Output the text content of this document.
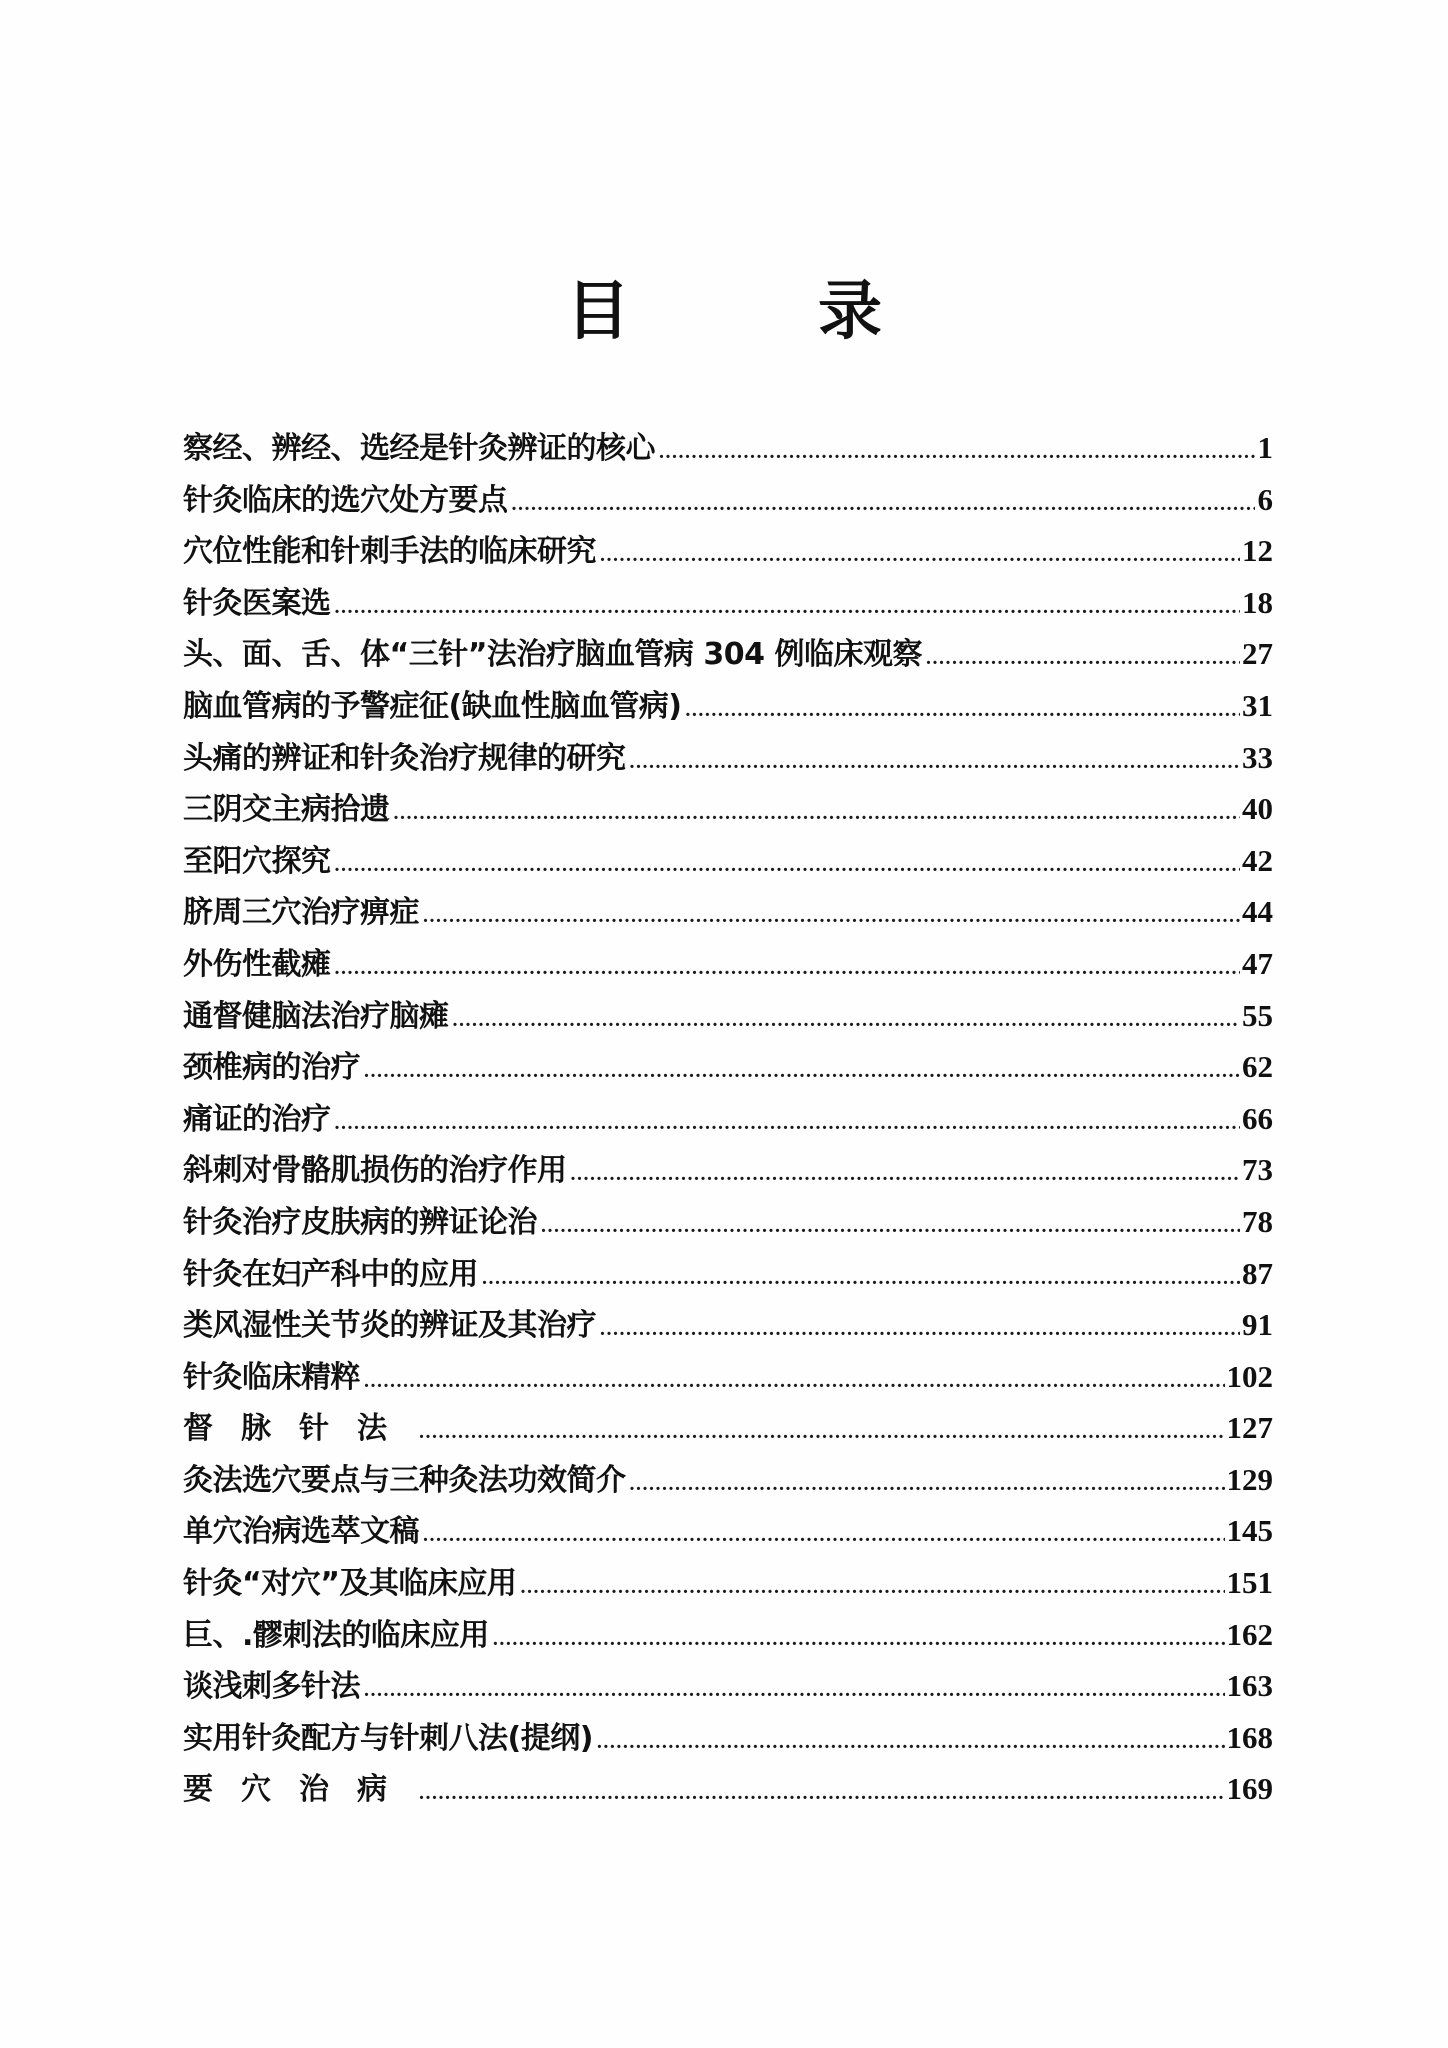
目	录
察经、辨经、选经是针灸辨证的核心 .....	1
针灸临床的选穴处方要点 .....	6
穴位性能和针刺手法的临床研究 .....	12
针灸医案选 .....	18
头、面、舌、体“三针”法治疗脑血管病 304 例临床观察 .....	27
脑血管病的予警症征(缺血性脑血管病) .....	31
头痛的辨证和针灸治疗规律的研究 .....	33
三阴交主病拾遗 .....	40
至阳穴探究 .....	42
脐周三穴治疗痹症 .....	44
外伤性截瘫 .....	47
通督健脑法治疗脑瘫 .....	55
颈椎病的治疗 .....	62
痛证的治疗 .....	66
斜刺对骨骼肌损伤的治疗作用 .....	73
针灸治疗皮肤病的辨证论治 .....	78
针灸在妇产科中的应用 .....	87
类风湿性关节炎的辨证及其治疗 .....	91
针灸临床精粹 .....	102
督脉针法 .....	127
灸法选穴要点与三种灸法功效简介 .....	129
单穴治病选萃文稿 .....	145
针灸“对穴”及其临床应用 .....	151
巨、.髎刺法的临床应用 .....	162
谈浅刺多针法 .....	163
实用针灸配方与针刺八法(提纲) .....	168
要穴治病 .....	169
